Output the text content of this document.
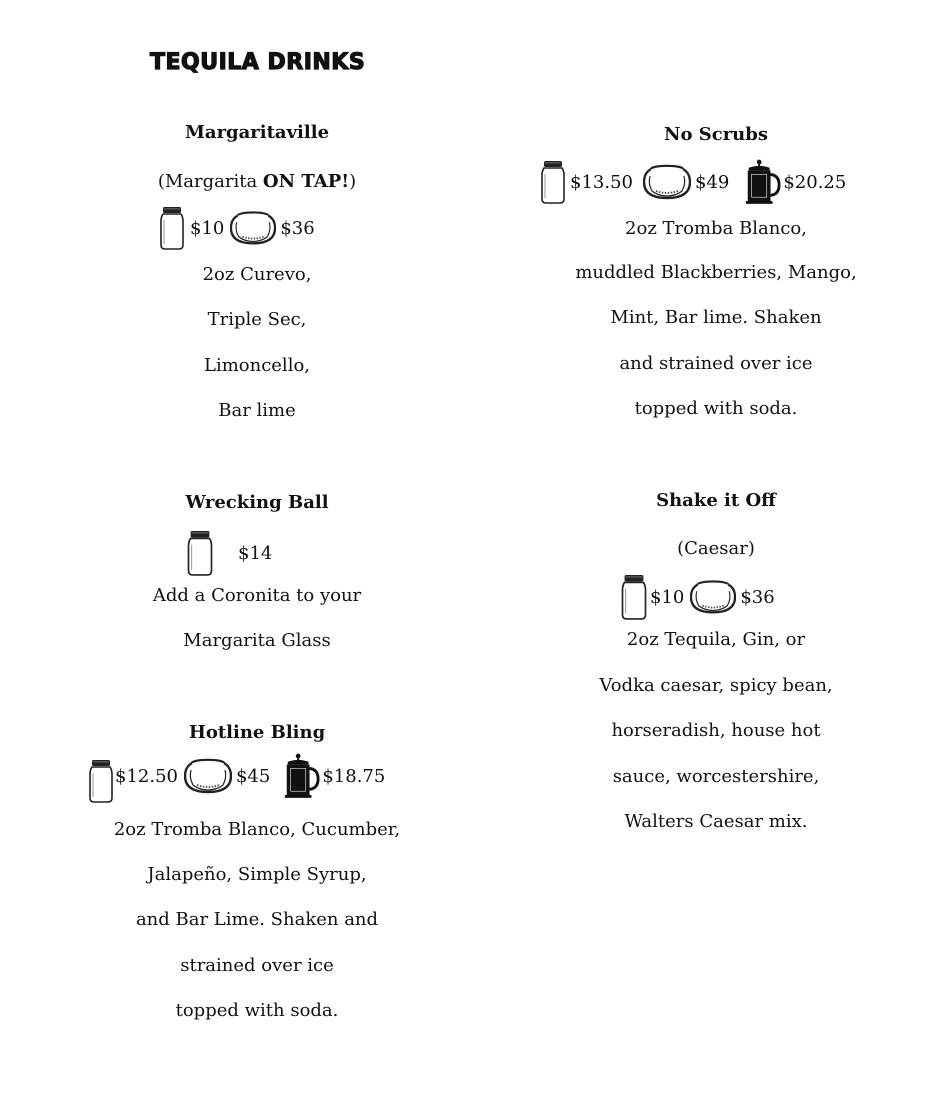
TEQUILA DRINKS
Margaritaville
(Margarita ON TAP!)
$10	$36
2oz Curevo,
Triple Sec,
Limoncello,
Bar lime
No Scrubs
$13.50	$49	$20.25
2oz Tromba Blanco,
muddled Blackberries, Mango,
Mint, Bar lime. Shaken
and strained over ice
topped with soda.
Wrecking Ball
$14
Add a Coronita to your
Margarita Glass
Shake it Off
(Caesar)
$10	$36
2oz Tequila, Gin, or
Vodka caesar, spicy bean,
horseradish, house hot
sauce, worcestershire,
Walters Caesar mix.
Hotline Bling
$12.50	$45	$18.75
2oz Tromba Blanco, Cucumber,
Jalapeño, Simple Syrup,
and Bar Lime. Shaken and
strained over ice
topped with soda.
